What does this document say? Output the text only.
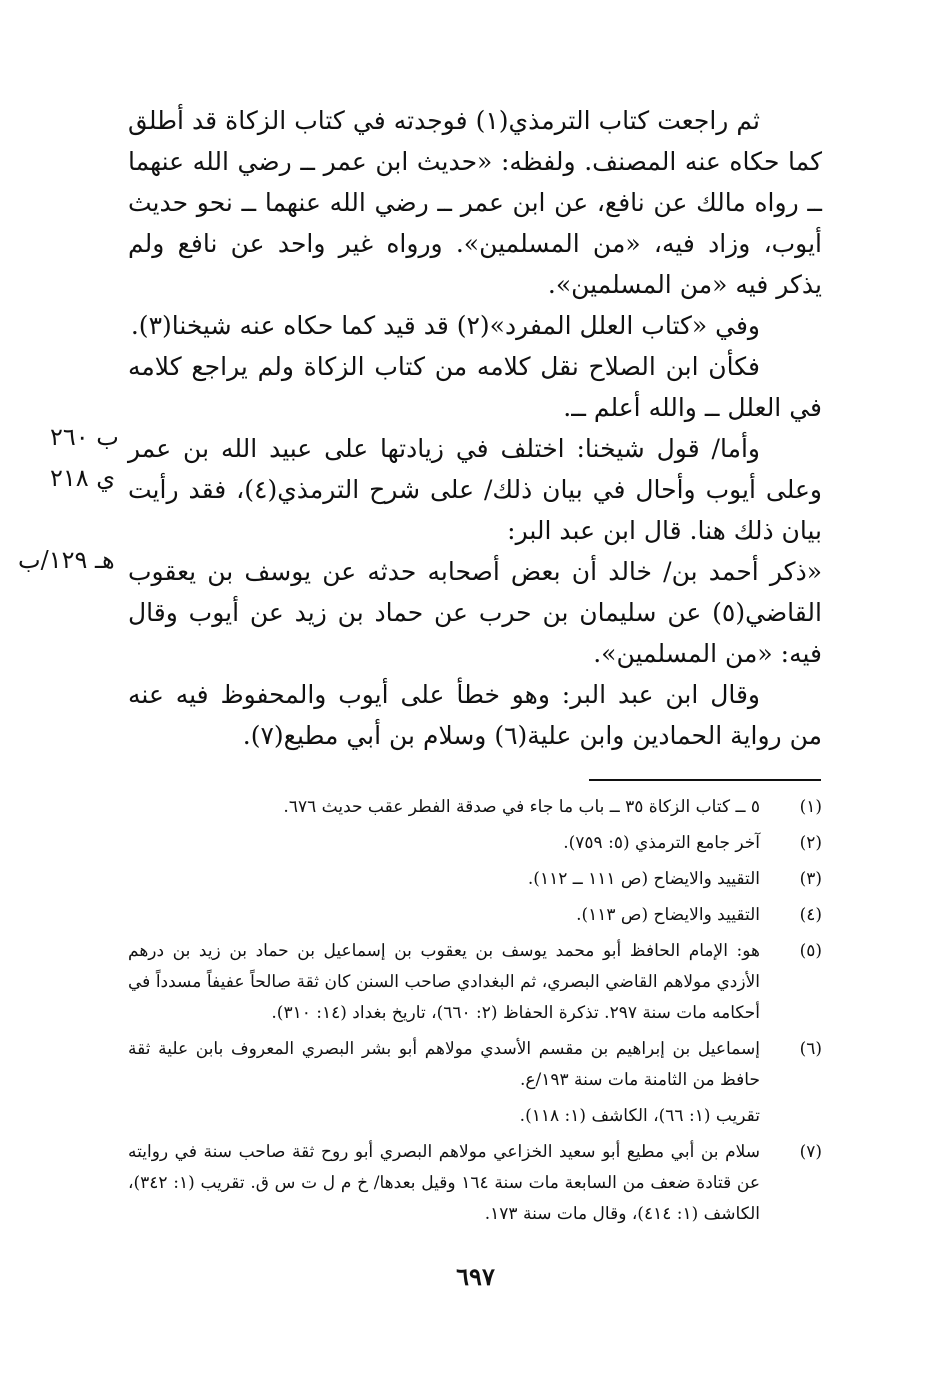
ثم راجعت كتاب الترمذي(١) فوجدته في كتاب الزكاة قد أطلق كما حكاه عنه المصنف. ولفظه: «حديث ابن عمر ــ رضي الله عنهما ــ رواه مالك عن نافع، عن ابن عمر ــ رضي الله عنهما ــ نحو حديث أيوب، وزاد فيه، «من المسلمين». ورواه غير واحد عن نافع ولم يذكر فيه «من المسلمين».

وفي «كتاب العلل المفرد»(٢) قد قيد كما حكاه عنه شيخنا(٣).

فكأن ابن الصلاح نقل كلامه من كتاب الزكاة ولم يراجع كلامه في العلل ــ والله أعلم ــ.

وأما/ قول شيخنا: اختلف في زيادتها على عبيد الله بن عمر وعلى أيوب وأحال في بيان ذلك/ على شرح الترمذي(٤)، فقد رأيت بيان ذلك هنا. قال ابن عبد البر:

«ذكر أحمد بن/ خالد أن بعض أصحابه حدثه عن يوسف بن يعقوب القاضي(٥) عن سليمان بن حرب عن حماد بن زيد عن أيوب وقال فيه: «من المسلمين».

وقال ابن عبد البر: وهو خطأ على أيوب والمحفوظ فيه عنه من رواية الحمادين وابن علية(٦) وسلام بن أبي مطيع(٧).

ب ٢٦٠
ي ٢١٨
هـ ١٢٩/ب
(١)
٥ ــ كتاب الزكاة ٣٥ ــ باب ما جاء في صدقة الفطر عقب حديث ٦٧٦.
(٢)
آخر جامع الترمذي (٥: ٧٥٩).
(٣)
التقييد والايضاح (ص ١١١ ــ ١١٢).
(٤)
التقييد والايضاح (ص ١١٣).
(٥)
هو: الإمام الحافظ أبو محمد يوسف بن يعقوب بن إسماعيل بن حماد بن زيد بن درهم الأزدي مولاهم القاضي البصري، ثم البغدادي صاحب السنن كان ثقة صالحاً عفيفاً مسدداً في أحكامه مات سنة ٢٩٧. تذكرة الحفاظ (٢: ٦٦٠)، تاريخ بغداد (١٤: ٣١٠).
(٦)
إسماعيل بن إبراهيم بن مقسم الأسدي مولاهم أبو بشر البصري المعروف بابن علية ثقة حافظ من الثامنة مات سنة ١٩٣/ع.
تقريب (١: ٦٦)، الكاشف (١: ١١٨).
(٧)
سلام بن أبي مطيع أبو سعيد الخزاعي مولاهم البصري أبو روح ثقة صاحب سنة في روايته عن قتادة ضعف من السابعة مات سنة ١٦٤ وقيل بعدها/ خ م ل ت س ق. تقريب (١: ٣٤٢)، الكاشف (١: ٤١٤)، وقال مات سنة ١٧٣.
٦٩٧
